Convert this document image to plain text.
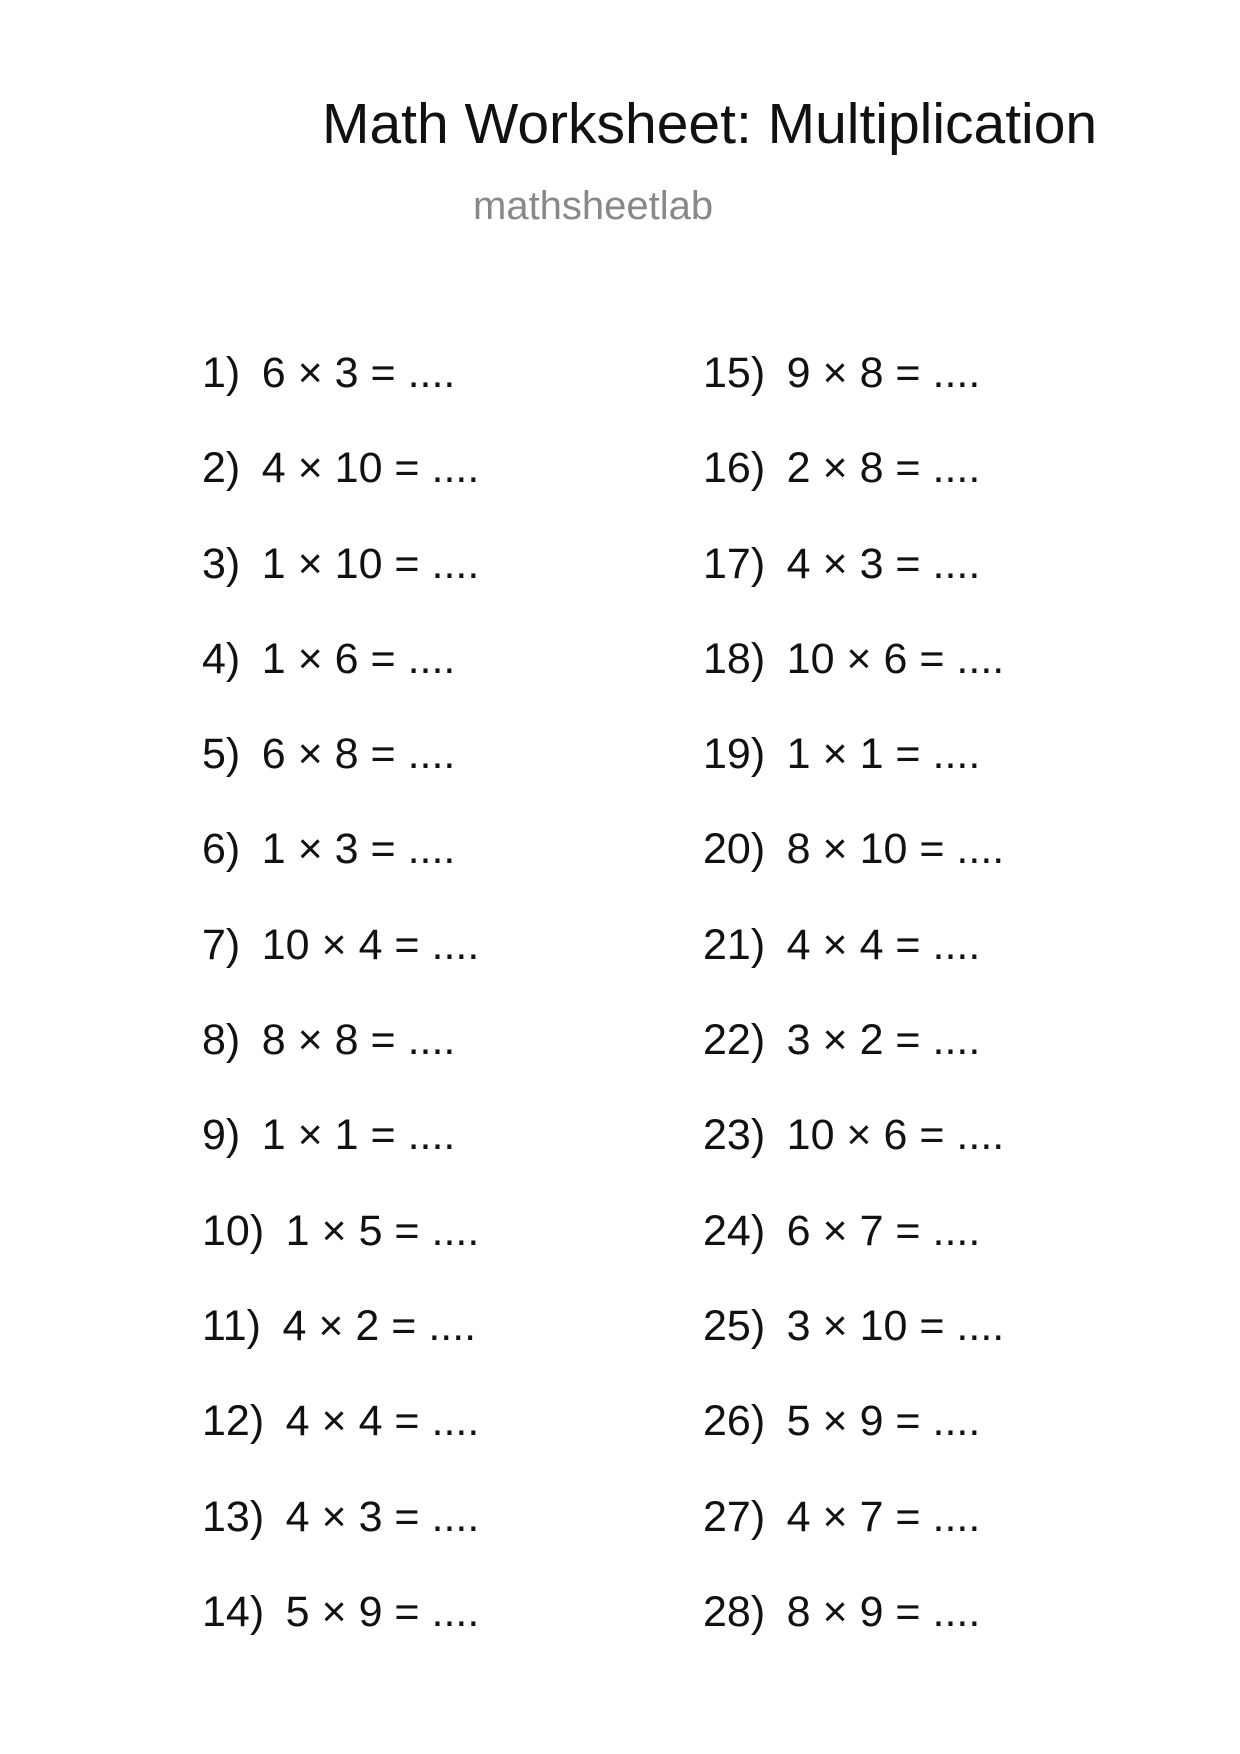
Math Worksheet: Multiplication
mathsheetlab
1) 6 × 3 = ....
2) 4 × 10 = ....
3) 1 × 10 = ....
4) 1 × 6 = ....
5) 6 × 8 = ....
6) 1 × 3 = ....
7) 10 × 4 = ....
8) 8 × 8 = ....
9) 1 × 1 = ....
10) 1 × 5 = ....
11) 4 × 2 = ....
12) 4 × 4 = ....
13) 4 × 3 = ....
14) 5 × 9 = ....
15) 9 × 8 = ....
16) 2 × 8 = ....
17) 4 × 3 = ....
18) 10 × 6 = ....
19) 1 × 1 = ....
20) 8 × 10 = ....
21) 4 × 4 = ....
22) 3 × 2 = ....
23) 10 × 6 = ....
24) 6 × 7 = ....
25) 3 × 10 = ....
26) 5 × 9 = ....
27) 4 × 7 = ....
28) 8 × 9 = ....
